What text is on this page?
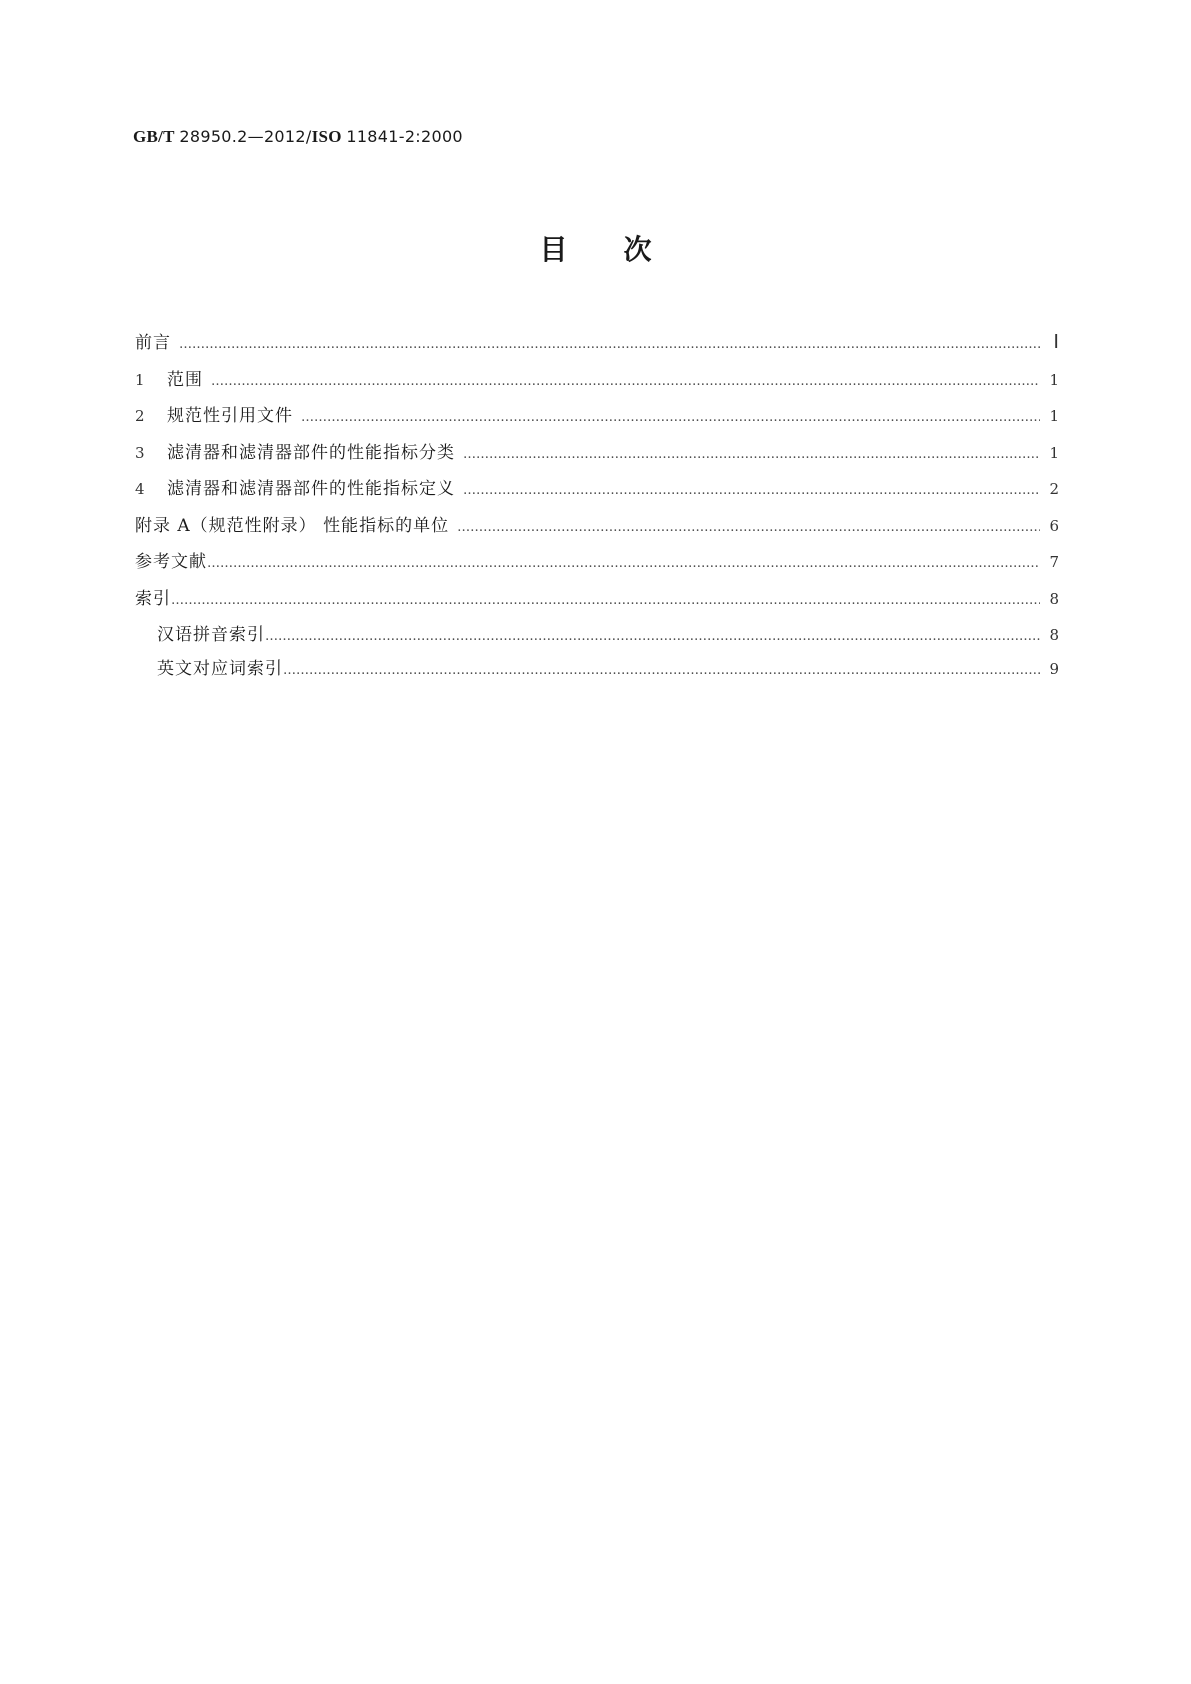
GB/T 28950.2—2012/ISO 11841-2:2000
目次
前言 ………………………………………………………………………………………………………………………………………………………………………………………………………………………………………………	Ⅰ
1	范围 ………………………………………………………………………………………………………………………………………………………………………………………………………………………………………………	1
2	规范性引用文件 ………………………………………………………………………………………………………………………………………………………………………………………………………………………………………………	1
3	滤清器和滤清器部件的性能指标分类 ………………………………………………………………………………………………………………………………………………………………………………………………………………………………………………	1
4	滤清器和滤清器部件的性能指标定义 ………………………………………………………………………………………………………………………………………………………………………………………………………………………………………………	2
附录 A（规范性附录） 性能指标的单位 ………………………………………………………………………………………………………………………………………………………………………………………………………………………………………………	6
参考文献 ………………………………………………………………………………………………………………………………………………………………………………………………………………………………………………	7
索引 ………………………………………………………………………………………………………………………………………………………………………………………………………………………………………………	8
汉语拼音索引 ………………………………………………………………………………………………………………………………………………………………………………………………………………………………………………	8
英文对应词索引 ………………………………………………………………………………………………………………………………………………………………………………………………………………………………………………	9
